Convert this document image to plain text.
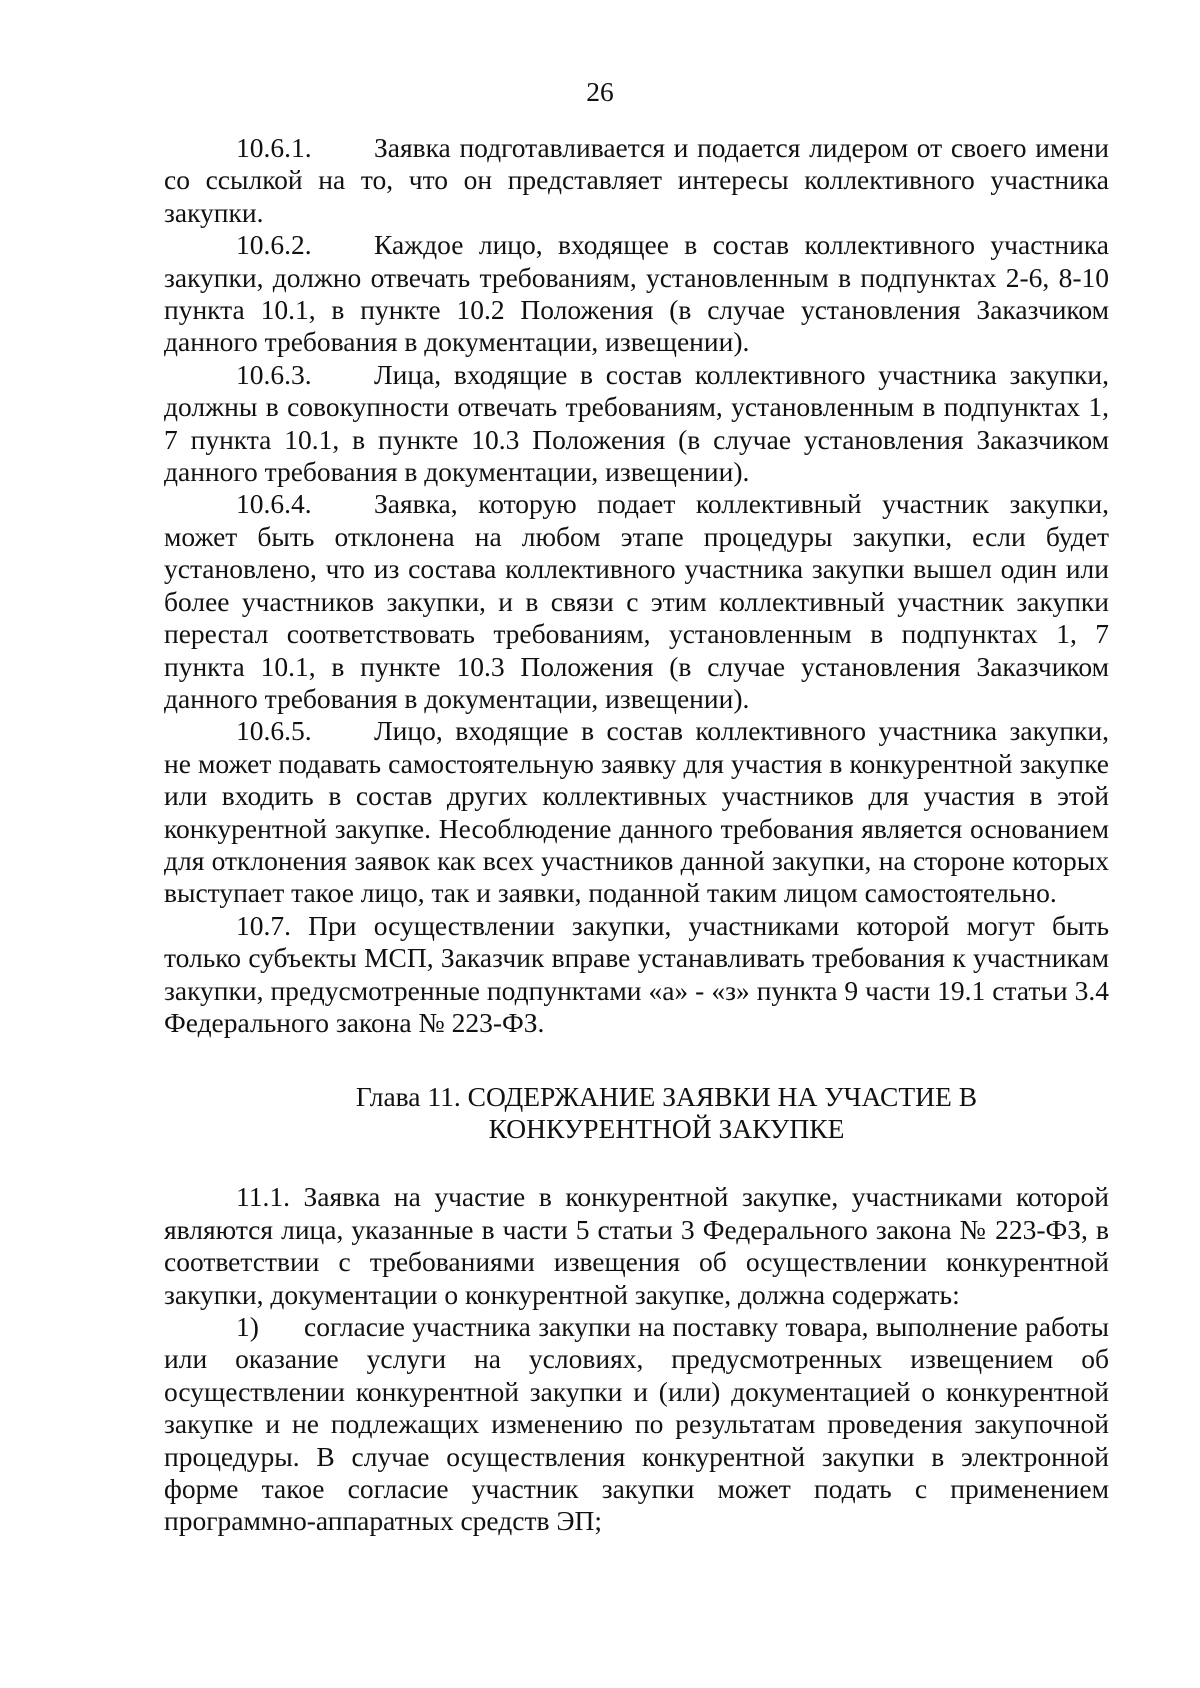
26

10.6.1. Заявка подготавливается и подается лидером от своего имени со ссылкой на то, что он представляет интересы коллективного участника закупки.

10.6.2. Каждое лицо, входящее в состав коллективного участника закупки, должно отвечать требованиям, установленным в подпунктах 2-6, 8-10 пункта 10.1, в пункте 10.2 Положения (в случае установления Заказчиком данного требования в документации, извещении).

10.6.3. Лица, входящие в состав коллективного участника закупки, должны в совокупности отвечать требованиям, установленным в подпунктах 1, 7 пункта 10.1, в пункте 10.3 Положения (в случае установления Заказчиком данного требования в документации, извещении).

10.6.4. Заявка, которую подает коллективный участник закупки, может быть отклонена на любом этапе процедуры закупки, если будет установлено, что из состава коллективного участника закупки вышел один или более участников закупки, и в связи с этим коллективный участник закупки перестал соответствовать требованиям, установленным в подпунктах 1, 7 пункта 10.1, в пункте 10.3 Положения (в случае установления Заказчиком данного требования в документации, извещении).

10.6.5. Лицо, входящие в состав коллективного участника закупки, не может подавать самостоятельную заявку для участия в конкурентной закупке или входить в состав других коллективных участников для участия в этой конкурентной закупке. Несоблюдение данного требования является основанием для отклонения заявок как всех участников данной закупки, на стороне которых выступает такое лицо, так и заявки, поданной таким лицом самостоятельно.

10.7. При осуществлении закупки, участниками которой могут быть только субъекты МСП, Заказчик вправе устанавливать требования к участникам закупки, предусмотренные подпунктами «а» - «з» пункта 9 части 19.1 статьи 3.4 Федерального закона № 223-ФЗ.

Глава 11. СОДЕРЖАНИЕ ЗАЯВКИ НА УЧАСТИЕ В
КОНКУРЕНТНОЙ ЗАКУПКЕ

11.1. Заявка на участие в конкурентной закупке, участниками которой являются лица, указанные в части 5 статьи 3 Федерального закона № 223-ФЗ, в соответствии с требованиями извещения об осуществлении конкурентной закупки, документации о конкурентной закупке, должна содержать:

1) согласие участника закупки на поставку товара, выполнение работы или оказание услуги на условиях, предусмотренных извещением об осуществлении конкурентной закупки и (или) документацией о конкурентной закупке и не подлежащих изменению по результатам проведения закупочной процедуры. В случае осуществления конкурентной закупки в электронной форме такое согласие участник закупки может подать с применением программно-аппаратных средств ЭП;
